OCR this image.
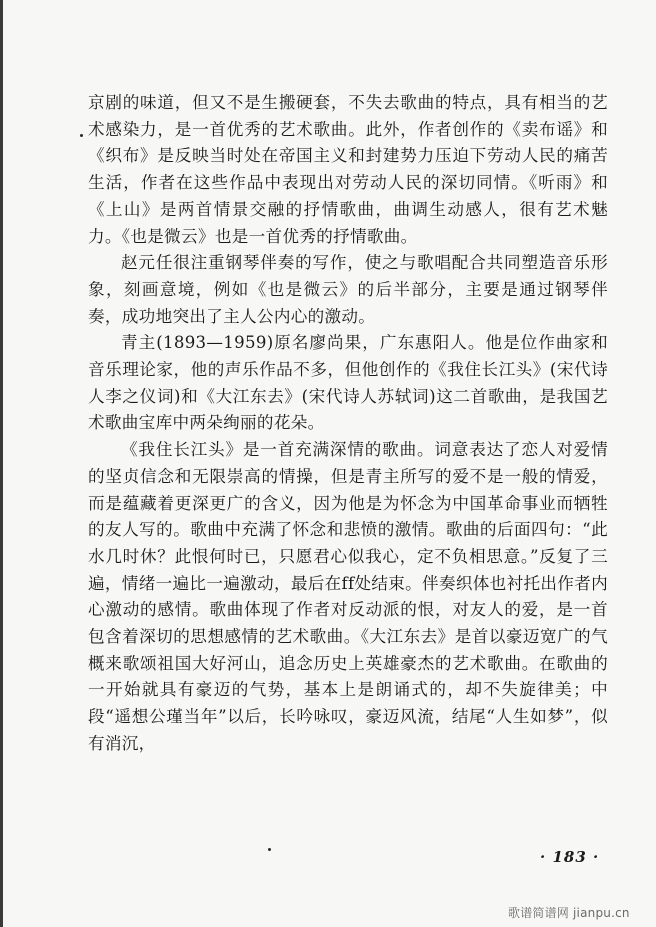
京剧的味道，但又不是生搬硬套，不失去歌曲的特点，具有相当的艺术感染力，是一首优秀的艺术歌曲。此外，作者创作的《卖布谣》和《织布》是反映当时处在帝国主义和封建势力压迫下劳动人民的痛苦生活，作者在这些作品中表现出对劳动人民的深切同情。《听雨》和《上山》是两首情景交融的抒情歌曲，曲调生动感人，很有艺术魅力。《也是微云》也是一首优秀的抒情歌曲。

赵元任很注重钢琴伴奏的写作，使之与歌唱配合共同塑造音乐形象，刻画意境，例如《也是微云》的后半部分，主要是通过钢琴伴奏，成功地突出了主人公内心的激动。

青主(1893—1959)原名廖尚果，广东惠阳人。他是位作曲家和音乐理论家，他的声乐作品不多，但他创作的《我住长江头》(宋代诗人李之仪词)和《大江东去》(宋代诗人苏轼词)这二首歌曲，是我国艺术歌曲宝库中两朵绚丽的花朵。

《我住长江头》是一首充满深情的歌曲。词意表达了恋人对爱情的坚贞信念和无限崇高的情操，但是青主所写的爱不是一般的情爱，而是蕴藏着更深更广的含义，因为他是为怀念为中国革命事业而牺牲的友人写的。歌曲中充满了怀念和悲愤的激情。歌曲的后面四句：“此水几时休？此恨何时已，只愿君心似我心，定不负相思意。”反复了三遍，情绪一遍比一遍激动，最后在ff处结束。伴奏织体也衬托出作者内心激动的感情。歌曲体现了作者对反动派的恨，对友人的爱，是一首包含着深切的思想感情的艺术歌曲。《大江东去》是首以豪迈宽广的气概来歌颂祖国大好河山，追念历史上英雄豪杰的艺术歌曲。在歌曲的一开始就具有豪迈的气势，基本上是朗诵式的，却不失旋律美；中段“遥想公瑾当年”以后，长吟咏叹，豪迈风流，结尾“人生如梦”，似有消沉，

· 183 ·
歌谱简谱网 jianpu.cn
